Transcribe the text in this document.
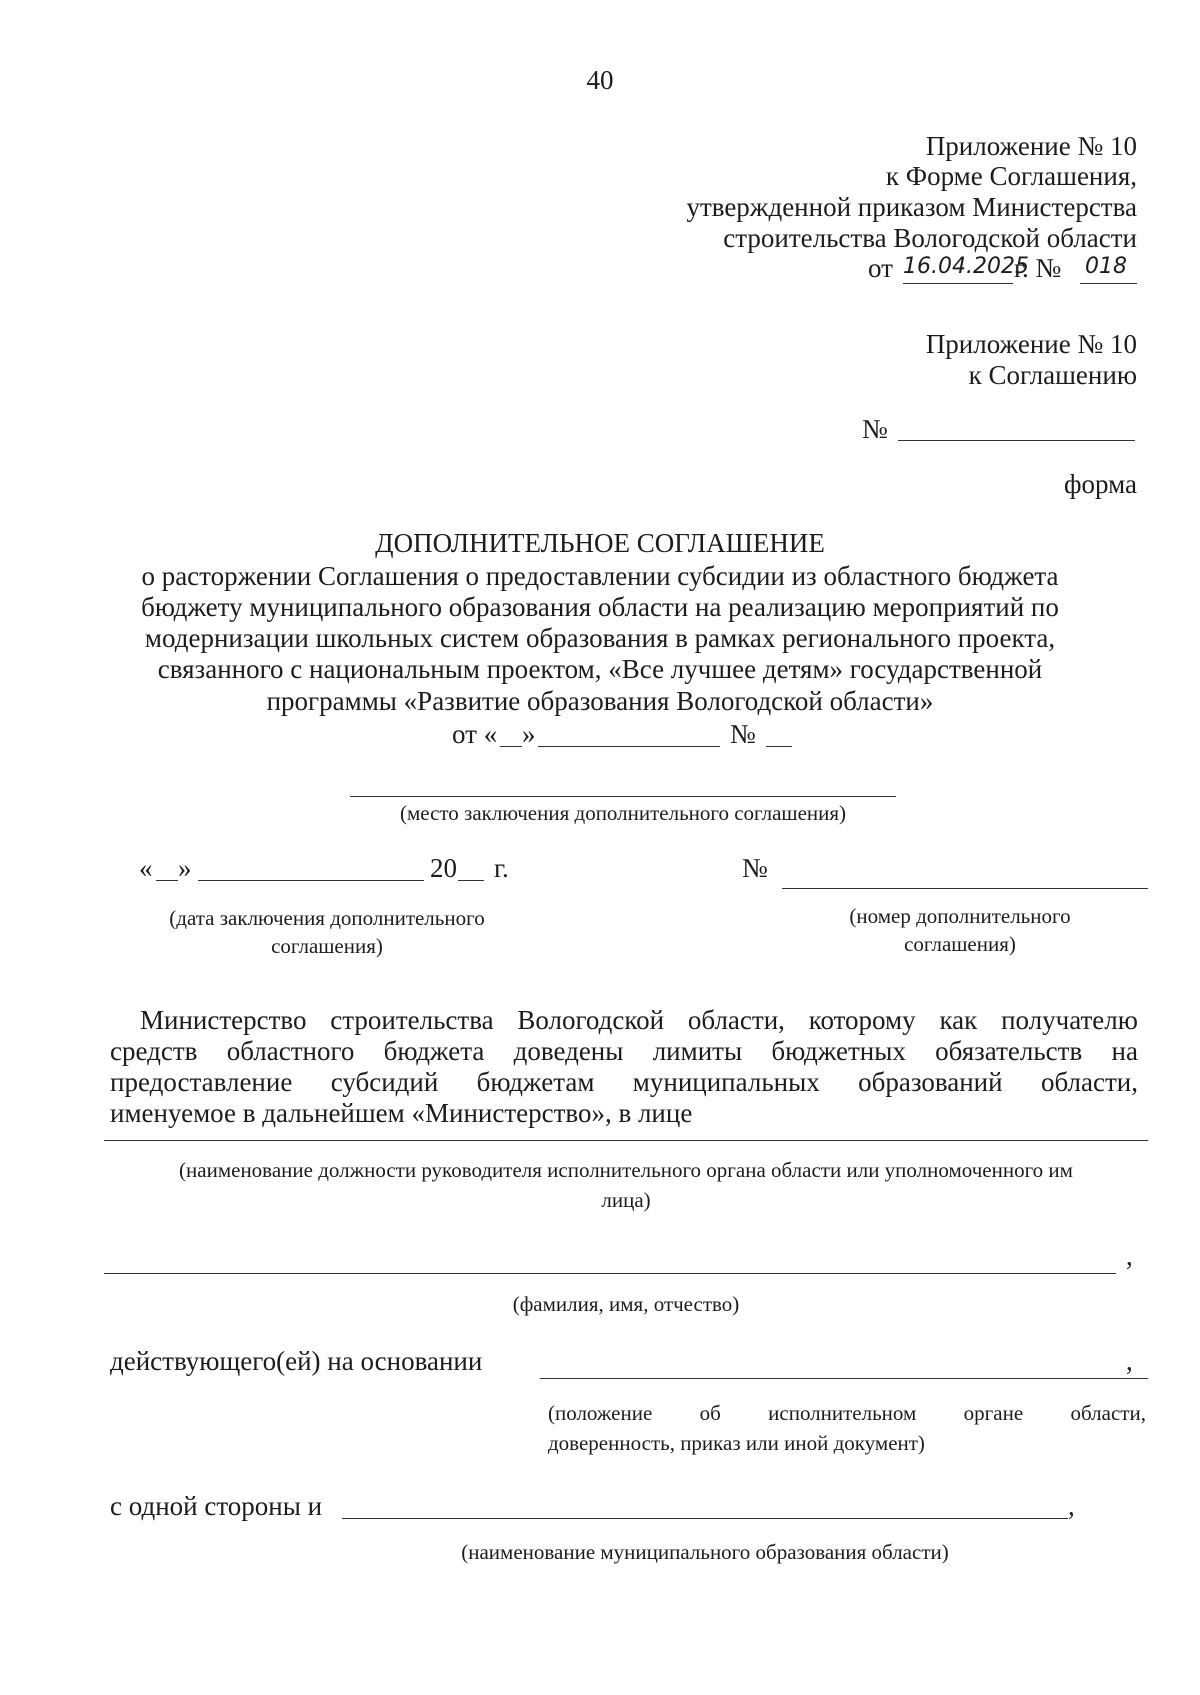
40
Приложение № 10
к Форме Соглашения,
утвержденной приказом Министерства
строительства Вологодской области
от 16.04.2025
г. № 018
Приложение № 10
к Соглашению
№
форма
ДОПОЛНИТЕЛЬНОЕ СОГЛАШЕНИЕ
о расторжении Соглашения о предоставлении субсидии из областного бюджета
бюджету муниципального образования области на реализацию мероприятий по
модернизации школьных систем образования в рамках регионального проекта,
связанного с национальным проектом, «Все лучшее детям» государственной
программы «Развитие образования Вологодской области»
от « »	№
(место заключения дополнительного соглашения)
« »	20 г.	№
(дата заключения дополнительного
соглашения)
(номер дополнительного
соглашения)
Министерство строительства Вологодской области, которому как получателю
средств областного бюджета доведены лимиты бюджетных обязательств на
предоставление субсидий бюджетам муниципальных образований области,
именуемое в дальнейшем «Министерство», в лице
(наименование должности руководителя исполнительного органа области или уполномоченного им
лица)
,
(фамилия, имя, отчество)
действующего(ей) на основании	,
(положение об исполнительном органе области,
доверенность, приказ или иной документ)
с одной стороны и	,
(наименование муниципального образования области)
